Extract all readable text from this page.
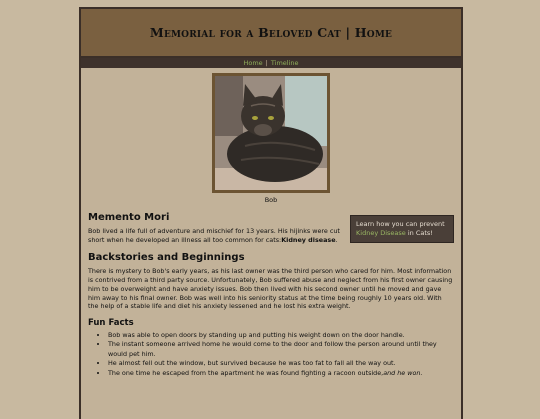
Memorial for a Beloved Cat | Home
Home | Timeline
Bob
Learn how you can prevent Kidney Disease in Cats!
Memento Mori

Bob lived a life full of adventure and mischief for 13 years. His hijinks were cut short when he developed an illness all too common for cats:Kidney disease.

Backstories and Beginnings

There is mystery to Bob's early years, as his last owner was the third person who cared for him. Most information is contrived from a third party source. Unfortunately, Bob suffered abuse and neglect from his first owner causing him to be overweight and have anxiety issues. Bob then lived with his second owner until he moved and gave him away to his final owner. Bob was well into his seniority status at the time being roughly 10 years old. With the help of a stable life and diet his anxiety lessened and he lost his extra weight.

Fun Facts
• Bob was able to open doors by standing up and putting his weight down on the door handle.
• The instant someone arrived home he would come to the door and follow the person around until they would pet him.
• He almost fell out the window, but survived because he was too fat to fall all the way out.
• The one time he escaped from the apartment he was found fighting a racoon outside,and he won.
